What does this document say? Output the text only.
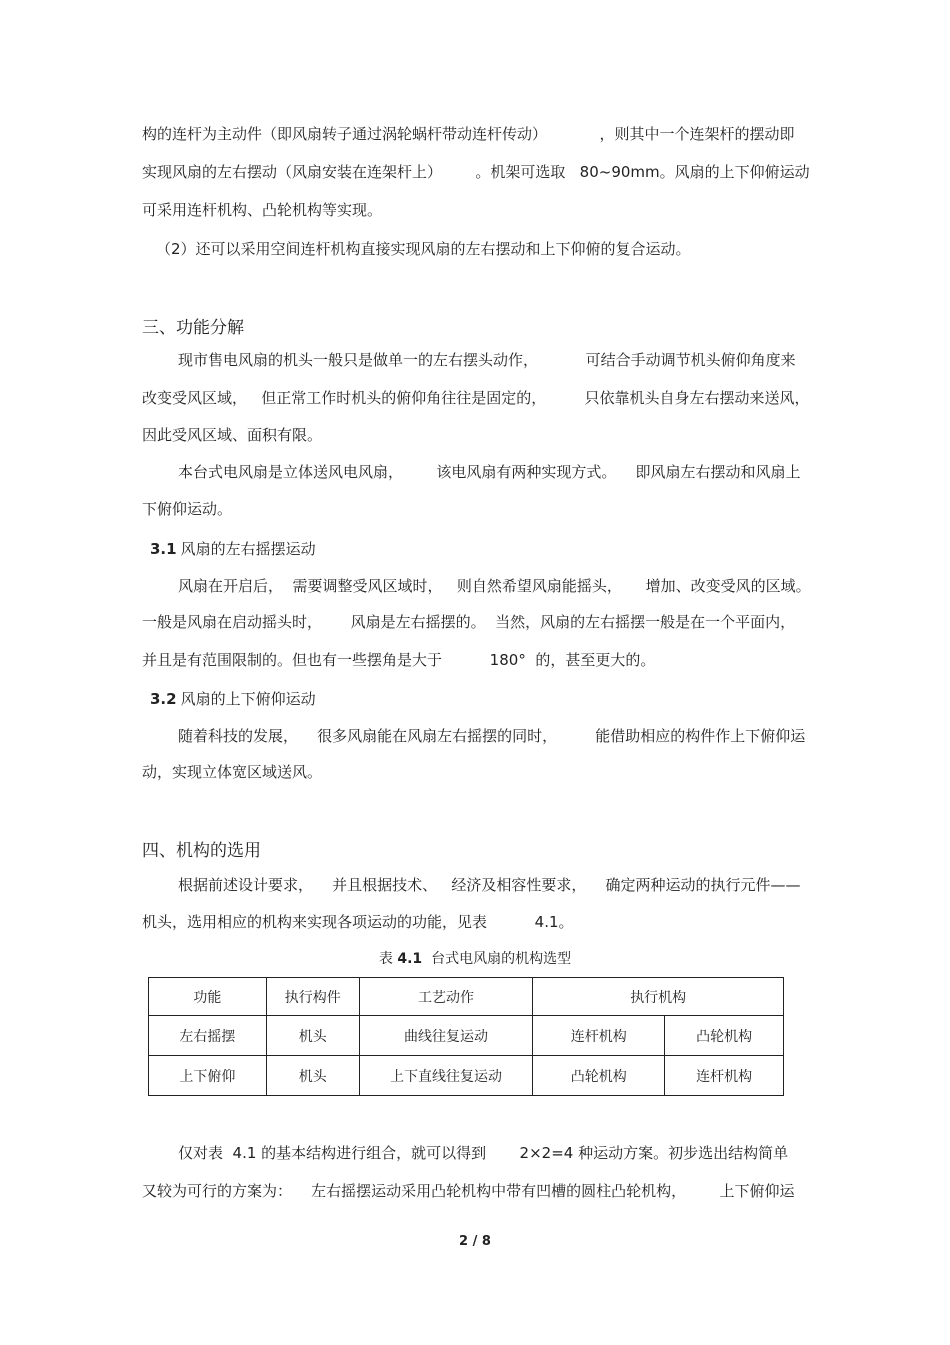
构的连杆为主动件（即风扇转子通过涡轮蜗杆带动连杆传动）           ，则其中一个连架杆的摆动即
实现风扇的左右摆动（风扇安装在连架杆上）       。机架可选取   80~90mm。风扇的上下仰俯运动
可采用连杆机构、凸轮机构等实现。
（2）还可以采用空间连杆机构直接实现风扇的左右摆动和上下仰俯的复合运动。
三、功能分解
现市售电风扇的机头一般只是做单一的左右摆头动作，          可结合手动调节机头俯仰角度来
改变受风区域，   但正常工作时机头的俯仰角往往是固定的，        只依靠机头自身左右摆动来送风，
因此受风区域、面积有限。
本台式电风扇是立体送风电风扇，       该电风扇有两种实现方式。    即风扇左右摆动和风扇上
下俯仰运动。
3.1 风扇的左右摇摆运动
风扇在开启后，  需要调整受风区域时，   则自然希望风扇能摇头，     增加、改变受风的区域。
一般是风扇在启动摇头时，      风扇是左右摇摆的。  当然，风扇的左右摇摆一般是在一个平面内，
并且是有范围限制的。但也有一些摆角是大于          180°  的，甚至更大的。
3.2 风扇的上下俯仰运动
随着科技的发展，    很多风扇能在风扇左右摇摆的同时，        能借助相应的构件作上下俯仰运
动，实现立体宽区域送风。
四、机构的选用
根据前述设计要求，    并且根据技术、   经济及相容性要求，    确定两种运动的执行元件——
机头，选用相应的机构来实现各项运动的功能，见表          4.1。
表 4.1 台式电风扇的机构选型
功能	执行构件	工艺动作	执行机构	
左右摇摆	机头	曲线往复运动	连杆机构	凸轮机构
上下俯仰	机头	上下直线往复运动	凸轮机构	连杆机构
仅对表  4.1 的基本结构进行组合，就可以得到       2×2=4 种运动方案。初步选出结构简单
又较为可行的方案为：    左右摇摆运动采用凸轮机构中带有凹槽的圆柱凸轮机构，       上下俯仰运
2 / 8
